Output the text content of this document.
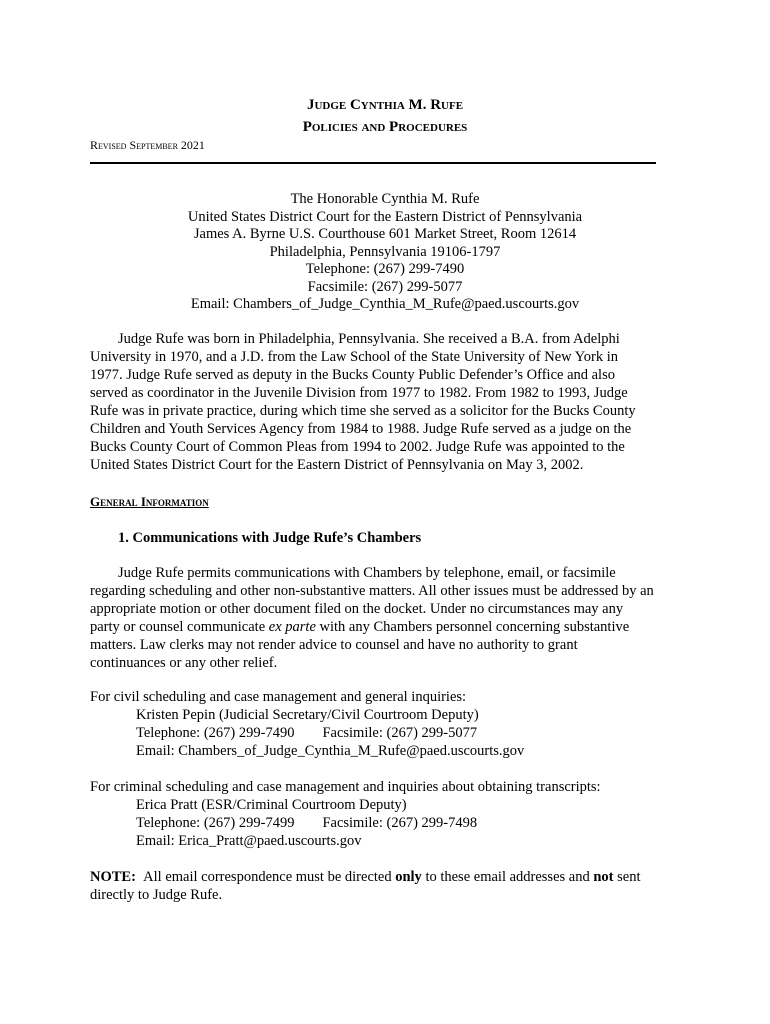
Judge Cynthia M. Rufe
Policies and Procedures
Revised September 2021
The Honorable Cynthia M. Rufe
United States District Court for the Eastern District of Pennsylvania
James A. Byrne U.S. Courthouse 601 Market Street, Room 12614
Philadelphia, Pennsylvania 19106-1797
Telephone: (267) 299-7490
Facsimile: (267) 299-5077
Email: Chambers_of_Judge_Cynthia_M_Rufe@paed.uscourts.gov
Judge Rufe was born in Philadelphia, Pennsylvania. She received a B.A. from Adelphi
University in 1970, and a J.D. from the Law School of the State University of New York in
1977. Judge Rufe served as deputy in the Bucks County Public Defender’s Office and also
served as coordinator in the Juvenile Division from 1977 to 1982. From 1982 to 1993, Judge
Rufe was in private practice, during which time she served as a solicitor for the Bucks County
Children and Youth Services Agency from 1984 to 1988. Judge Rufe served as a judge on the
Bucks County Court of Common Pleas from 1994 to 2002. Judge Rufe was appointed to the
United States District Court for the Eastern District of Pennsylvania on May 3, 2002.
General Information
1. Communications with Judge Rufe’s Chambers
Judge Rufe permits communications with Chambers by telephone, email, or facsimile
regarding scheduling and other non-substantive matters. All other issues must be addressed by an
appropriate motion or other document filed on the docket. Under no circumstances may any
party or counsel communicate ex parte with any Chambers personnel concerning substantive
matters. Law clerks may not render advice to counsel and have no authority to grant
continuances or any other relief.
For civil scheduling and case management and general inquiries:
Kristen Pepin (Judicial Secretary/Civil Courtroom Deputy)
Telephone: (267) 299-7490 Facsimile: (267) 299-5077
Email: Chambers_of_Judge_Cynthia_M_Rufe@paed.uscourts.gov
For criminal scheduling and case management and inquiries about obtaining transcripts:
Erica Pratt (ESR/Criminal Courtroom Deputy)
Telephone: (267) 299-7499 Facsimile: (267) 299-7498
Email: Erica_Pratt@paed.uscourts.gov
NOTE: All email correspondence must be directed only to these email addresses and not sent
directly to Judge Rufe.
